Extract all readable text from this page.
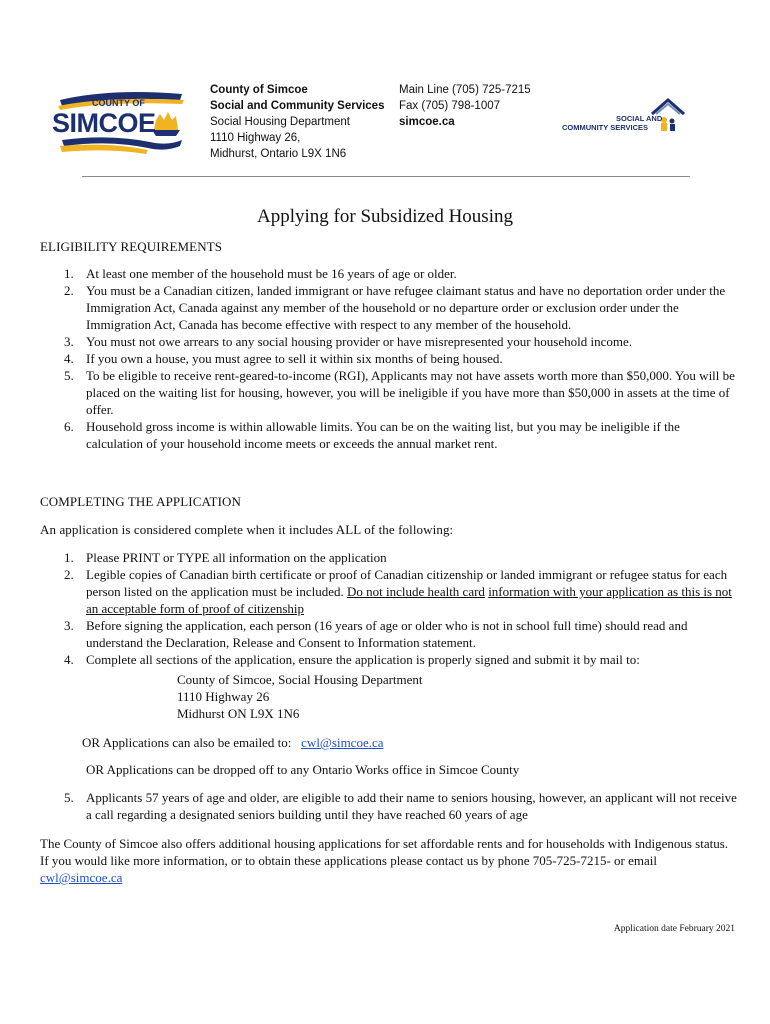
COUNTY OF
SIMCOE
County of Simcoe
Social and Community Services
Social Housing Department
1110 Highway 26,
Midhurst, Ontario L9X 1N6
Main Line (705) 725-7215
Fax (705) 798-1007
simcoe.ca	SOCIAL AND
COMMUNITY SERVICES
Applying for Subsidized Housing
ELIGIBILITY REQUIREMENTS
1. At least one member of the household must be 16 years of age or older.
2. You must be a Canadian citizen, landed immigrant or have refugee claimant status and have no deportation order under the Immigration Act, Canada against any member of the household or no departure order or exclusion order under the Immigration Act, Canada has become effective with respect to any member of the household.
3. You must not owe arrears to any social housing provider or have misrepresented your household income.
4. If you own a house, you must agree to sell it within six months of being housed.
5. To be eligible to receive rent-geared-to-income (RGI), Applicants may not have assets worth more than $50,000. You will be placed on the waiting list for housing, however, you will be ineligible if you have more than $50,000 in assets at the time of offer.
6. Household gross income is within allowable limits. You can be on the waiting list, but you may be ineligible if the calculation of your household income meets or exceeds the annual market rent.
COMPLETING THE APPLICATION
An application is considered complete when it includes ALL of the following:
1. Please PRINT or TYPE all information on the application
2. Legible copies of Canadian birth certificate or proof of Canadian citizenship or landed immigrant or refugee status for each person listed on the application must be included. Do not include health card information with your application as this is not an acceptable form of proof of citizenship
3. Before signing the application, each person (16 years of age or older who is not in school full time) should read and understand the Declaration, Release and Consent to Information statement.
4. Complete all sections of the application, ensure the application is properly signed and submit it by mail to:
County of Simcoe, Social Housing Department
1110 Highway 26
Midhurst ON L9X 1N6
OR Applications can also be emailed to: cwl@simcoe.ca
OR Applications can be dropped off to any Ontario Works office in Simcoe County
5. Applicants 57 years of age and older, are eligible to add their name to seniors housing, however, an applicant will not receive a call regarding a designated seniors building until they have reached 60 years of age
The County of Simcoe also offers additional housing applications for set affordable rents and for households with Indigenous status. If you would like more information, or to obtain these applications please contact us by phone 705-725-7215- or email cwl@simcoe.ca
Application date February 2021
